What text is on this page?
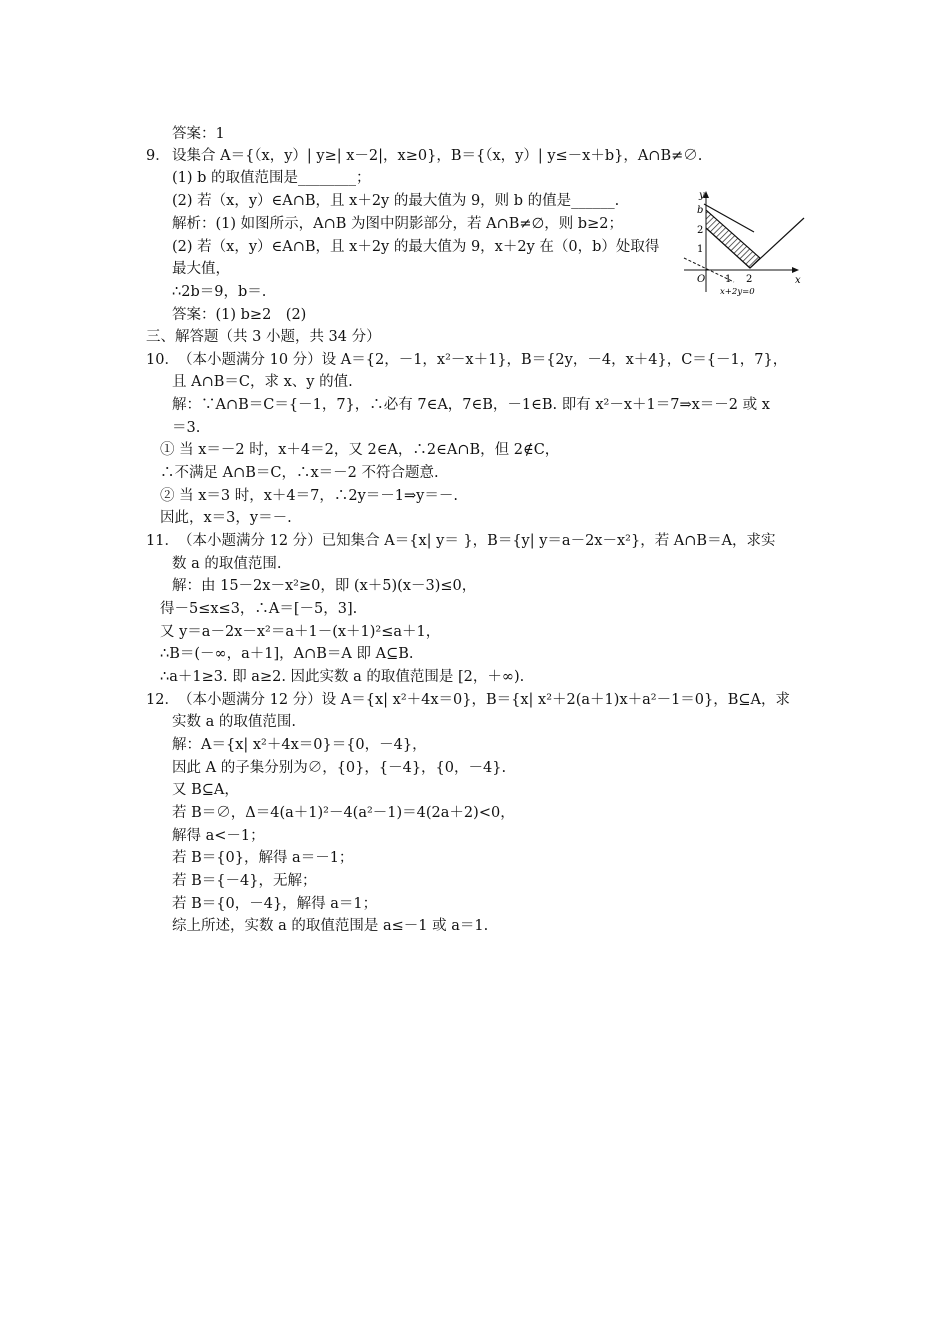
答案：1
9． 设集合 A＝{（x，y）| y≥| x－2|，x≥0}，B＝{（x，y）| y≤－x＋b}，A∩B≠∅.
(1) b 的取值范围是________；
(2) 若（x，y）∈A∩B，且 x＋2y 的最大值为 9，则 b 的值是______.
解析：(1) 如图所示，A∩B 为图中阴影部分，若 A∩B≠∅，则 b≥2；
(2) 若（x，y）∈A∩B，且 x＋2y 的最大值为 9，x＋2y 在（0，b）处取得
最大值，
∴2b＝9，b＝.
答案：(1) b≥2　(2)
三、解答题（共 3 小题，共 34 分）
10． （本小题满分 10 分）设 A＝{2，－1，x²－x＋1}，B＝{2y，－4，x＋4}，C＝{－1，7}，
且 A∩B＝C，求 x、y 的值.
解：∵A∩B＝C＝{－1，7}，∴必有 7∈A，7∈B，－1∈B. 即有 x²－x＋1＝7⇒x＝－2 或 x
＝3.
① 当 x＝－2 时，x＋4＝2，又 2∈A，∴2∈A∩B，但 2∉C，
∴不满足 A∩B＝C，∴x＝－2 不符合题意.
② 当 x＝3 时，x＋4＝7，∴2y＝－1⇒y＝－.
因此，x＝3，y＝－.
11． （本小题满分 12 分）已知集合 A＝{x| y＝ }，B＝{y| y＝a－2x－x²}，若 A∩B＝A，求实
数 a 的取值范围.
解：由 15－2x－x²≥0，即 (x＋5)(x－3)≤0，
得－5≤x≤3，∴A＝[－5，3].
又 y＝a－2x－x²＝a＋1－(x＋1)²≤a＋1，
∴B＝(－∞，a＋1]，A∩B＝A 即 A⊆B.
∴a＋1≥3. 即 a≥2. 因此实数 a 的取值范围是 [2，＋∞).
12． （本小题满分 12 分）设 A＝{x| x²＋4x＝0}，B＝{x| x²＋2(a＋1)x＋a²－1＝0}，B⊆A，求
实数 a 的取值范围.
解：A＝{x| x²＋4x＝0}＝{0，－4}，
因此 A 的子集分别为∅，{0}，{－4}，{0，－4}.
又 B⊆A，
若 B＝∅，Δ＝4(a＋1)²－4(a²－1)＝4(2a＋2)<0，
解得 a<－1；
若 B＝{0}，解得 a＝－1；
若 B＝{－4}，无解；
若 B＝{0，－4}，解得 a＝1；
综上所述，实数 a 的取值范围是 a≤－1 或 a＝1.
y
x
O
b
2
1
1 2
x+2y=0
